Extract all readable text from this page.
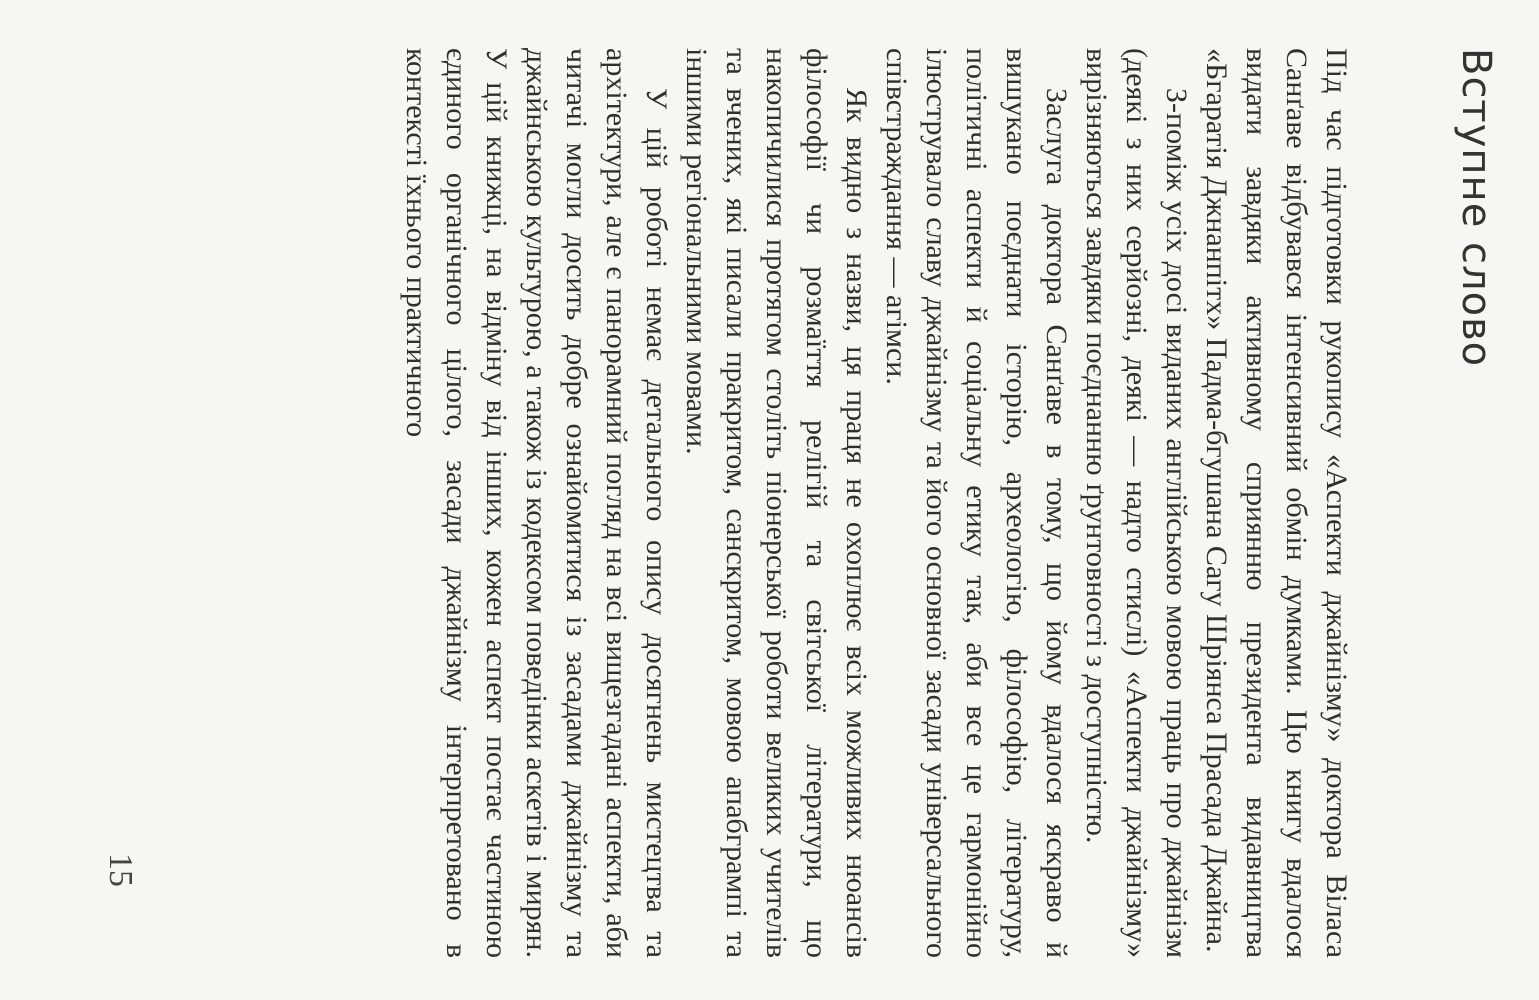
Вступне слово

Під час підготовки рукопису «Аспекти джайнізму» доктора Віласа Санґаве відбувався інтенсивний обмін думками. Цю книгу вдалося видати завдяки активному сприянню президента видавництва «Бгаратія Джнанпітх» Падма-бгушана Сагу Шріянса Прасада Джайна.

З-поміж усіх досі виданих англійською мовою праць про джайнізм (деякі з них серйозні, деякі — надто стислі) «Аспекти джайнізму» вирізняються завдяки поєднанню ґрунтовності з доступністю.

Заслуга доктора Санґаве в тому, що йому вдалося яскраво й вишукано поєднати історію, археологію, філософію, літературу, політичні аспекти й соціальну етику так, аби все це гармонійно ілюструвало славу джайнізму та його основної засади універсального співстраждання — агімси.

Як видно з назви, ця праця не охоплює всіх можливих нюансів філософії чи розмаїття релігій та світської літератури, що накопичилися протягом століть піонерської роботи великих учителів та вчених, які писали пракритом, санскритом, мовою апабгрампі та іншими регіональними мовами.

У цій роботі немає детального опису досягнень мистецтва та архітектури, але є панорамний погляд на всі вищезгадані аспекти, аби читачі могли досить добре ознайомитися із засадами джайнізму та джайнською культурою, а також із кодексом поведінки аскетів і мирян. У цій книжці, на відміну від інших, кожен аспект постає частиною єдиного органічного цілого, засади джайнізму інтерпретовано в контексті їхнього практичного

15
